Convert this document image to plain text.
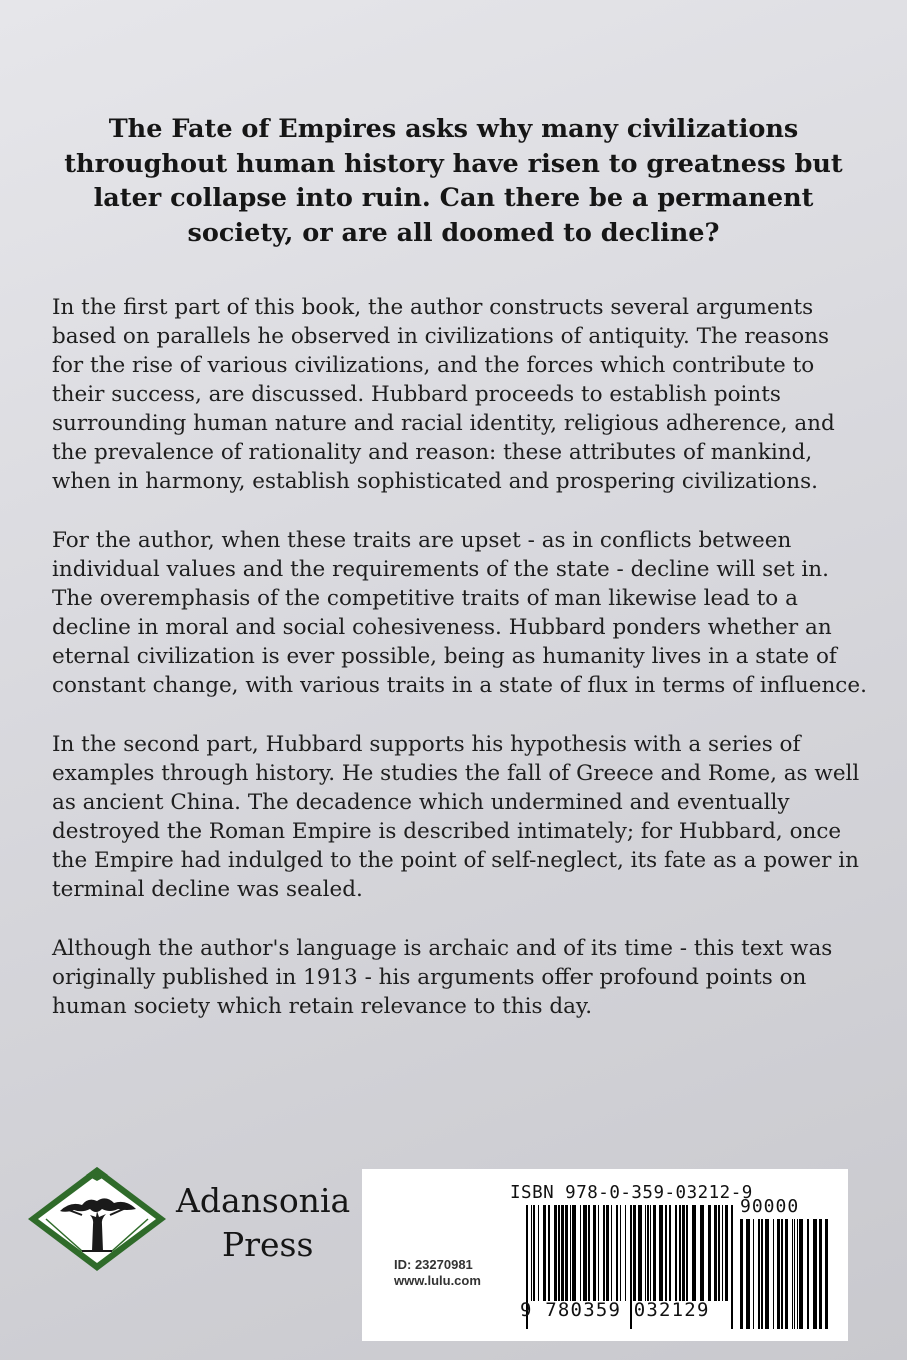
The Fate of Empires asks why many civilizations throughout human history have risen to greatness but later collapse into ruin. Can there be a permanent society, or are all doomed to decline?

In the first part of this book, the author constructs several arguments based on parallels he observed in civilizations of antiquity. The reasons for the rise of various civilizations, and the forces which contribute to their success, are discussed. Hubbard proceeds to establish points surrounding human nature and racial identity, religious adherence, and the prevalence of rationality and reason: these attributes of mankind, when in harmony, establish sophisticated and prospering civilizations.

For the author, when these traits are upset - as in conflicts between individual values and the requirements of the state - decline will set in. The overemphasis of the competitive traits of man likewise lead to a decline in moral and social cohesiveness. Hubbard ponders whether an eternal civilization is ever possible, being as humanity lives in a state of constant change, with various traits in a state of flux in terms of influence.

In the second part, Hubbard supports his hypothesis with a series of examples through history. He studies the fall of Greece and Rome, as well as ancient China. The decadence which undermined and eventually destroyed the Roman Empire is described intimately; for Hubbard, once the Empire had indulged to the point of self-neglect, its fate as a power in terminal decline was sealed.

Although the author's language is archaic and of its time - this text was originally published in 1913 - his arguments offer profound points on human society which retain relevance to this day.

Adansonia
Press
ISBN 978-0-359-03212-9
90000
ID: 23270981
www.lulu.com
9 780359 032129
